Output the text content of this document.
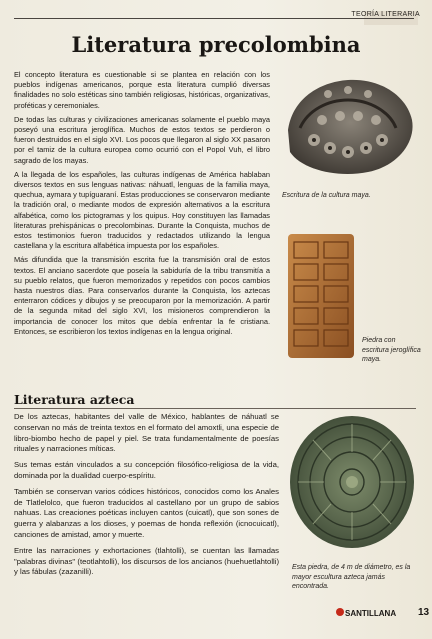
TEORÍA LITERARIA
Literatura precolombina

El concepto literatura es cuestionable si se plantea en relación con los pueblos indígenas americanos, porque esta literatura cumplió diversas finalidades no solo estéticas sino también religiosas, históricas, organizativas, proféticas y ceremoniales.

De todas las culturas y civilizaciones americanas solamente el pueblo maya poseyó una escritura jeroglífica. Muchos de estos textos se perdieron o fueron destruidos en el siglo XVI. Los pocos que llegaron al siglo XX pasaron por el tamiz de la cultura europea como ocurrió con el Popol Vuh, el libro sagrado de los mayas.

A la llegada de los españoles, las culturas indígenas de América hablaban diversos textos en sus lenguas nativas: náhuatl, lenguas de la familia maya, quechua, aymara y tupíguaraní. Estas producciones se conservaron mediante la tradición oral, o mediante modos de expresión alternativos a la escritura alfabética, como los pictogramas y los quipus. Hoy constituyen las llamadas literaturas prehispánicas o precolombinas. Durante la Conquista, muchos de estos testimonios fueron traducidos y redactados utilizando la lengua castellana y la escritura alfabética impuesta por los españoles.

Más difundida que la transmisión escrita fue la transmisión oral de estos textos. El anciano sacerdote que poseía la sabiduría de la tribu transmitía a su pueblo relatos, que fueron memorizados y repetidos con pocos cambios hasta nuestros días. Para conservarlos durante la Conquista, los aztecas enterraron códices y dibujos y se preocuparon por la memorización. A partir de la segunda mitad del siglo XVI, los misioneros comprendieron la importancia de conocer los mitos que debía enfrentar la fe cristiana. Entonces, se escribieron los textos indígenas en la lengua original.

Literatura azteca

De los aztecas, habitantes del valle de México, hablantes de náhuatl se conservan no más de treinta textos en el formato del amoxtli, una especie de libro-biombo hecho de papel y piel. Se trata fundamentalmente de poesías rituales y narraciones míticas.

Sus temas están vinculados a su concepción filosófico-religiosa de la vida, dominada por la dualidad cuerpo-espíritu.

También se conservan varios códices históricos, conocidos como los Anales de Tlatlelolco, que fueron traducidos al castellano por un grupo de sabios nahuas. Las creaciones poéticas incluyen cantos (cuicatl), que son sones de guerra y alabanzas a los dioses, y poemas de honda reflexión (icnocuicatl), canciones de amistad, amor y muerte.

Entre las narraciones y exhortaciones (tlahtolli), se cuentan las llamadas "palabras divinas" (teotlahtolli), los discursos de los ancianos (huehuetlahtolli) y las fábulas (zazanilli).

Escritura de la cultura maya.
Piedra con escritura jeroglífica maya.
Esta piedra, de 4 m de diámetro, es la mayor escultura azteca jamás encontrada.
SANTILLANA 13
